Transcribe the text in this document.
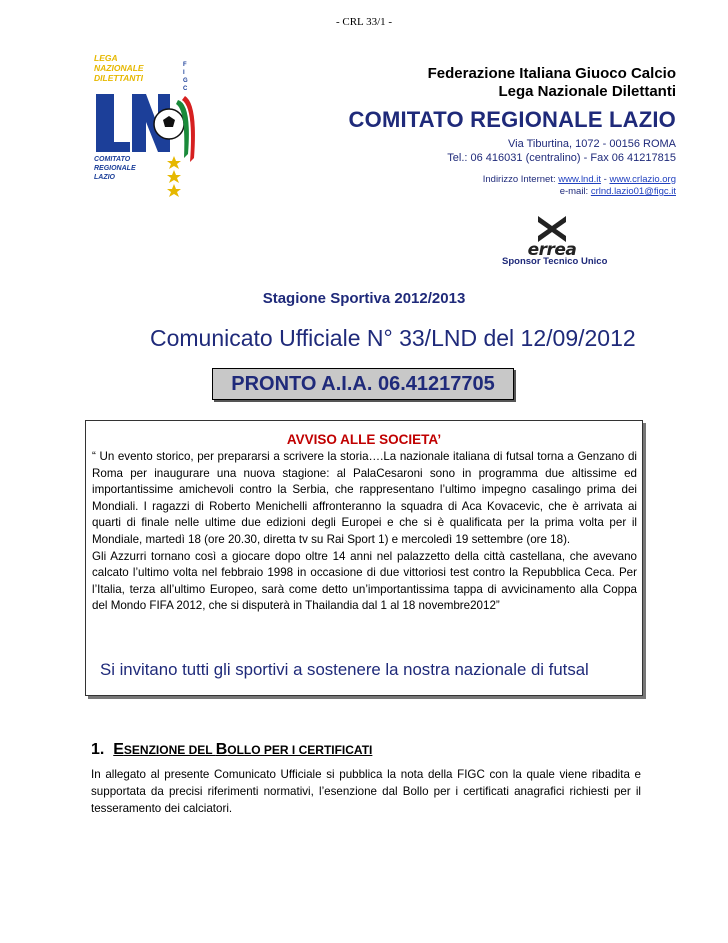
- CRL 33/1 -
LEGA
NAZIONALE
DILETTANTI
F
I
G
C
COMITATO
REGIONALE
LAZIO
Federazione Italiana Giuoco Calcio
Lega Nazionale Dilettanti
COMITATO REGIONALE LAZIO
Via Tiburtina, 1072 - 00156 ROMA
Tel.: 06 416031 (centralino) - Fax 06 41217815
Indirizzo Internet: www.lnd.it - www.crlazio.org
e-mail: crlnd.lazio01@figc.it
errea
Sponsor Tecnico Unico
Stagione Sportiva 2012/2013
Comunicato Ufficiale N° 33/LND del 12/09/2012
PRONTO A.I.A. 06.41217705
AVVISO ALLE SOCIETA’

“ Un evento storico, per prepararsi a scrivere la storia….La nazionale italiana di futsal torna a Genzano di Roma per inaugurare una nuova stagione: al PalaCesaroni sono in programma due altissime ed importantissime amichevoli contro la Serbia, che rappresentano l’ultimo impegno casalingo prima dei Mondiali. I ragazzi di Roberto Menichelli affronteranno la squadra di Aca Kovacevic, che è arrivata ai quarti di finale nelle ultime due edizioni degli Europei e che si è qualificata per la prima volta per il Mondiale, martedì 18 (ore 20.30, diretta tv su Rai Sport 1) e mercoledì 19 settembre (ore 18).

Gli Azzurri tornano così a giocare dopo oltre 14 anni nel palazzetto della città castellana, che avevano calcato l’ultimo volta nel febbraio 1998 in occasione di due vittoriosi test contro la Repubblica Ceca. Per l’Italia, terza all’ultimo Europeo, sarà come detto un’importantissima tappa di avvicinamento alla Coppa del Mondo FIFA 2012, che si disputerà in Thailandia dal 1 al 18 novembre2012”

Si invitano tutti gli sportivi a sostenere la nostra nazionale di futsal
1. ESENZIONE DEL BOLLO PER I CERTIFICATI
In allegato al presente Comunicato Ufficiale si pubblica la nota della FIGC con la quale viene ribadita e supportata da precisi riferimenti normativi, l’esenzione dal Bollo per i certificati anagrafici richiesti per il tesseramento dei calciatori.
